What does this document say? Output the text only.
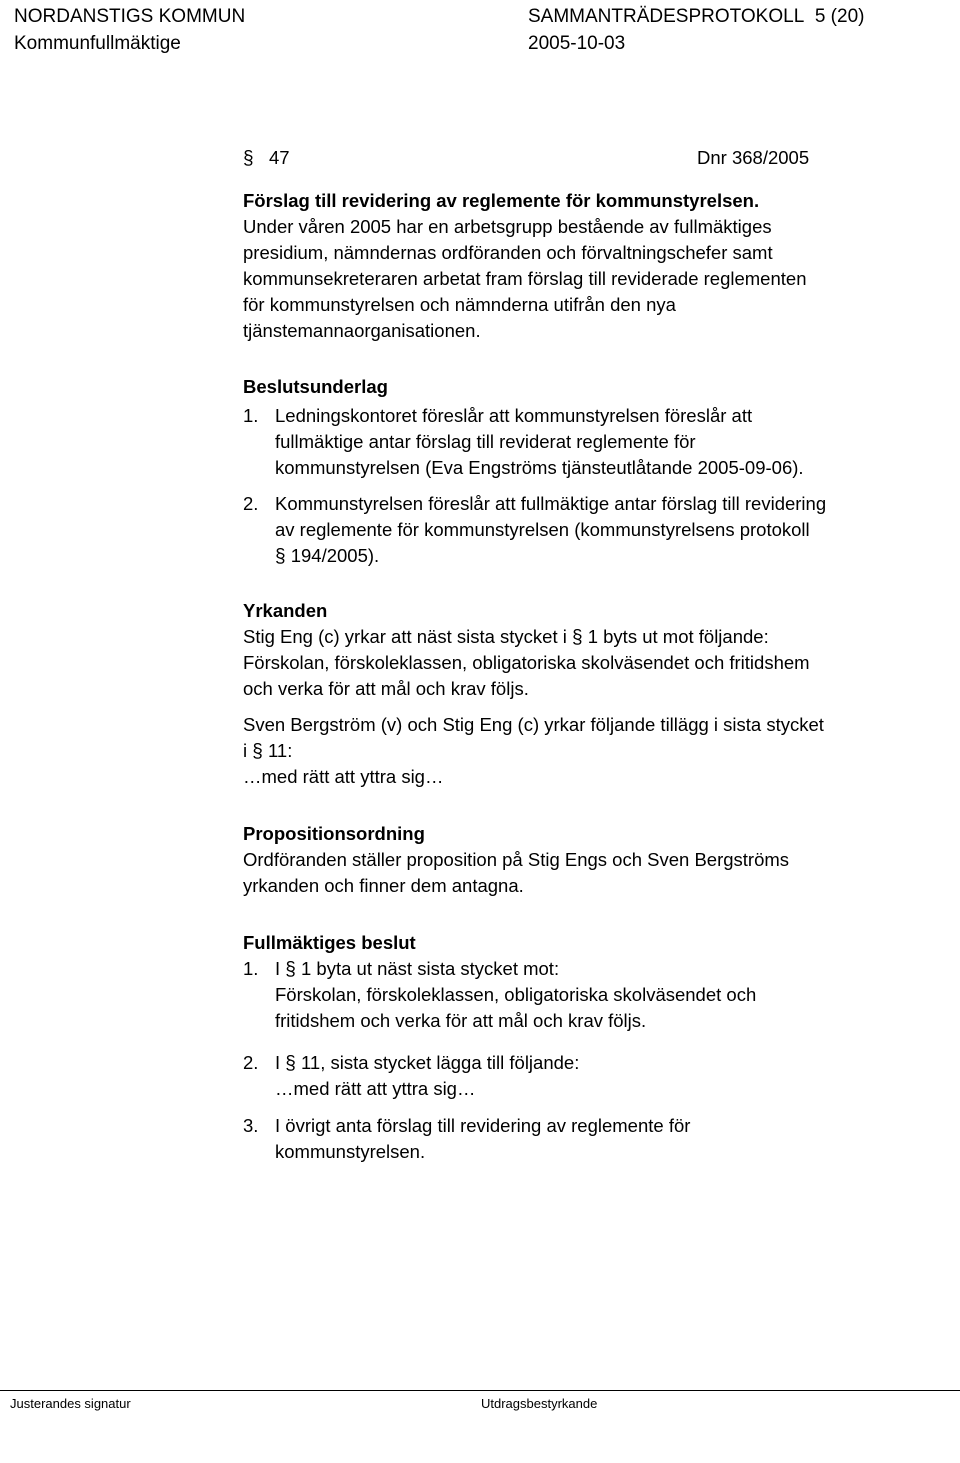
NORDANSTIGS KOMMUN	SAMMANTRÄDESPROTOKOLL 5 (20)
Kommunfullmäktige	2005-10-03
§ 47	Dnr 368/2005
Förslag till revidering av reglemente för kommunstyrelsen.
Under våren 2005 har en arbetsgrupp bestående av fullmäktiges
presidium, nämndernas ordföranden och förvaltningschefer samt
kommunsekreteraren arbetat fram förslag till reviderade reglementen
för kommunstyrelsen och nämnderna utifrån den nya
tjänstemannaorganisationen.
Beslutsunderlag
1. Ledningskontoret föreslår att kommunstyrelsen föreslår att
fullmäktige antar förslag till reviderat reglemente för
kommunstyrelsen (Eva Engströms tjänsteutlåtande 2005-09-06).
2. Kommunstyrelsen föreslår att fullmäktige antar förslag till revidering
av reglemente för kommunstyrelsen (kommunstyrelsens protokoll
§ 194/2005).
Yrkanden
Stig Eng (c) yrkar att näst sista stycket i § 1 byts ut mot följande:
Förskolan, förskoleklassen, obligatoriska skolväsendet och fritidshem
och verka för att mål och krav följs.
Sven Bergström (v) och Stig Eng (c) yrkar följande tillägg i sista stycket
i § 11:
…med rätt att yttra sig…
Propositionsordning
Ordföranden ställer proposition på Stig Engs och Sven Bergströms
yrkanden och finner dem antagna.
Fullmäktiges beslut
1. I § 1 byta ut näst sista stycket mot:
Förskolan, förskoleklassen, obligatoriska skolväsendet och
fritidshem och verka för att mål och krav följs.
2. I § 11, sista stycket lägga till följande:
…med rätt att yttra sig…
3. I övrigt anta förslag till revidering av reglemente för
kommunstyrelsen.
Justerandes signatur	Utdragsbestyrkande
